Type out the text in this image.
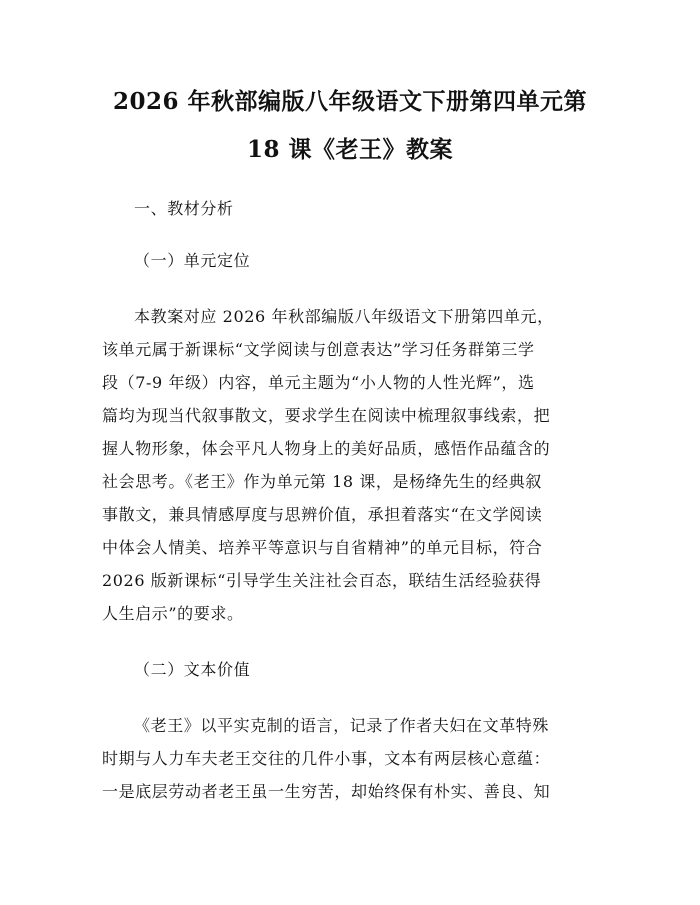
2026 年秋部编版八年级语文下册第四单元第
18 课《老王》教案

一、教材分析

（一）单元定位

本教案对应 2026 年秋部编版八年级语文下册第四单元，
该单元属于新课标“文学阅读与创意表达”学习任务群第三学
段（7-9 年级）内容，单元主题为“小人物的人性光辉”，选
篇均为现当代叙事散文，要求学生在阅读中梳理叙事线索，把
握人物形象，体会平凡人物身上的美好品质，感悟作品蕴含的
社会思考。《老王》作为单元第 18 课，是杨绛先生的经典叙
事散文，兼具情感厚度与思辨价值，承担着落实“在文学阅读
中体会人情美、培养平等意识与自省精神”的单元目标，符合
2026 版新课标“引导学生关注社会百态，联结生活经验获得
人生启示”的要求。

（二）文本价值

《老王》以平实克制的语言，记录了作者夫妇在文革特殊
时期与人力车夫老王交往的几件小事，文本有两层核心意蕴：
一是底层劳动者老王虽一生穷苦，却始终保有朴实、善良、知
